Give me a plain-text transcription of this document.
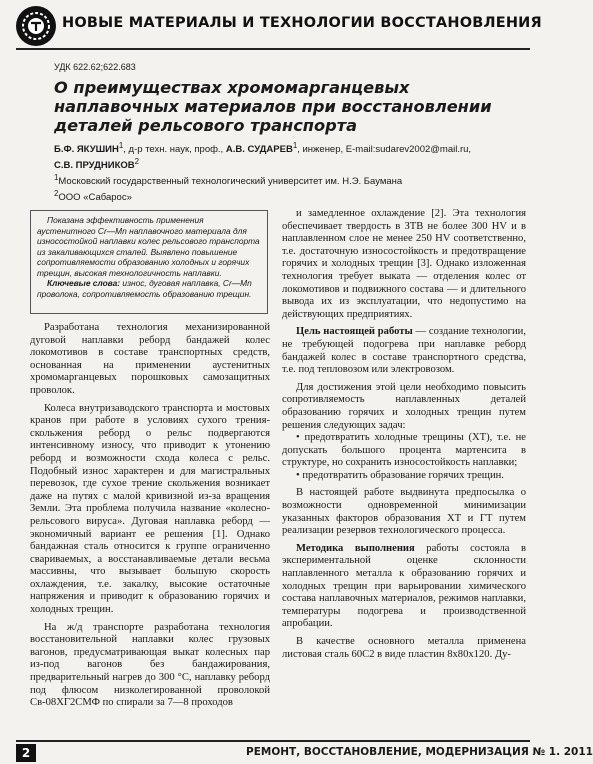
НОВЫЕ МАТЕРИАЛЫ И ТЕХНОЛОГИИ ВОССТАНОВЛЕНИЯ
УДК 622.62;622.683
О преимуществах хромомарганцевых наплавочных материалов при восстановлении деталей рельсового транспорта

Б.Ф. ЯКУШИН$^1$, д-р техн. наук, проф., А.В. СУДАРЕВ$^1$, инженер, E-mail:sudarev2002@mail.ru,

С.В. ПРУДНИКОВ$^2$

$^1$Московский государственный технологический университет им. Н.Э. Баумана

$^2$ООО «Сабарос»

Показана эффективность применения аустенитного Cr—Mn наплавочного материала для износостойкой наплавки колес рельсового транспорта из закаливающихся сталей. Выявлено повышение сопротивляемости образованию холодных и горячих трещин, высокая технологичность наплавки.

Ключевые слова: износ, дуговая наплавка, Cr—Mn проволока, сопротивляемость образованию трещин.

Разработана технология механизированной дуговой наплавки реборд бандажей колес локомотивов в составе транспортных средств, основанная на применении аустенитных хромомарганцевых порошковых самозащитных проволок.

Колеса внутризаводского транспорта и мостовых кранов при работе в условиях сухого трения-скольжения реборд о рельс подвергаются интенсивному износу, что приводит к утонению реборд и возможности схода колеса с рельс. Подобный износ характерен и для магистральных перевозок, где сухое трение скольжения возникает даже на путях с малой кривизной из-за вращения Земли. Эта проблема получила название «колесно-рельсового вируса». Дуговая наплавка реборд — экономичный вариант ее решения [1]. Однако бандажная сталь относится к группе ограниченно свариваемых, а восстанавливаемые детали весьма массивны, что вызывает большую скорость охлаждения, т.е. закалку, высокие остаточные напряжения и приводит к образованию горячих и холодных трещин.

На ж/д транспорте разработана технология восстановительной наплавки колес грузовых вагонов, предусматривающая выкат колесных пар из-под вагонов без бандажирования, предварительный нагрев до 300 °С, наплавку реборд под флюсом низколегированной проволокой Св-08ХГ2СМФ по спирали за 7—8 проходов

и замедленное охлаждение [2]. Эта технология обеспечивает твердость в ЗТВ не более 300 HV и в наплавленном слое не менее 250 HV соответственно, т.е. достаточную износостойкость и предотвращение горячих и холодных трещин [3]. Однако изложенная технология требует выката — отделения колес от локомотивов и подвижного состава — и длительного вывода их из эксплуатации, что недопустимо на действующих предприятиях.

Цель настоящей работы — создание технологии, не требующей подогрева при наплавке реборд бандажей колес в составе транспортного средства, т.е. под тепловозом или электровозом.

Для достижения этой цели необходимо повысить сопротивляемость наплавленных деталей образованию горячих и холодных трещин путем решения следующих задач:

• предотвратить холодные трещины (ХТ), т.е. не допускать большого процента мартенсита в структуре, но сохранить износостойкость наплавки;
• предотвратить образование горячих трещин.

В настоящей работе выдвинута предпосылка о возможности одновременной минимизации указанных факторов образования ХТ и ГТ путем реализации резервов технологического процесса.

Методика выполнения работы состояла в экспериментальной оценке склонности наплавленного металла к образованию горячих и холодных трещин при варьировании химического состава наплавочных материалов, режимов наплавки, температуры подогрева и производственной апробации.

В качестве основного металла применена листовая сталь 60С2 в виде пластин 8х80х120. Ду-

2	РЕМОНТ, ВОССТАНОВЛЕНИЕ, МОДЕРНИЗАЦИЯ № 1. 2011
